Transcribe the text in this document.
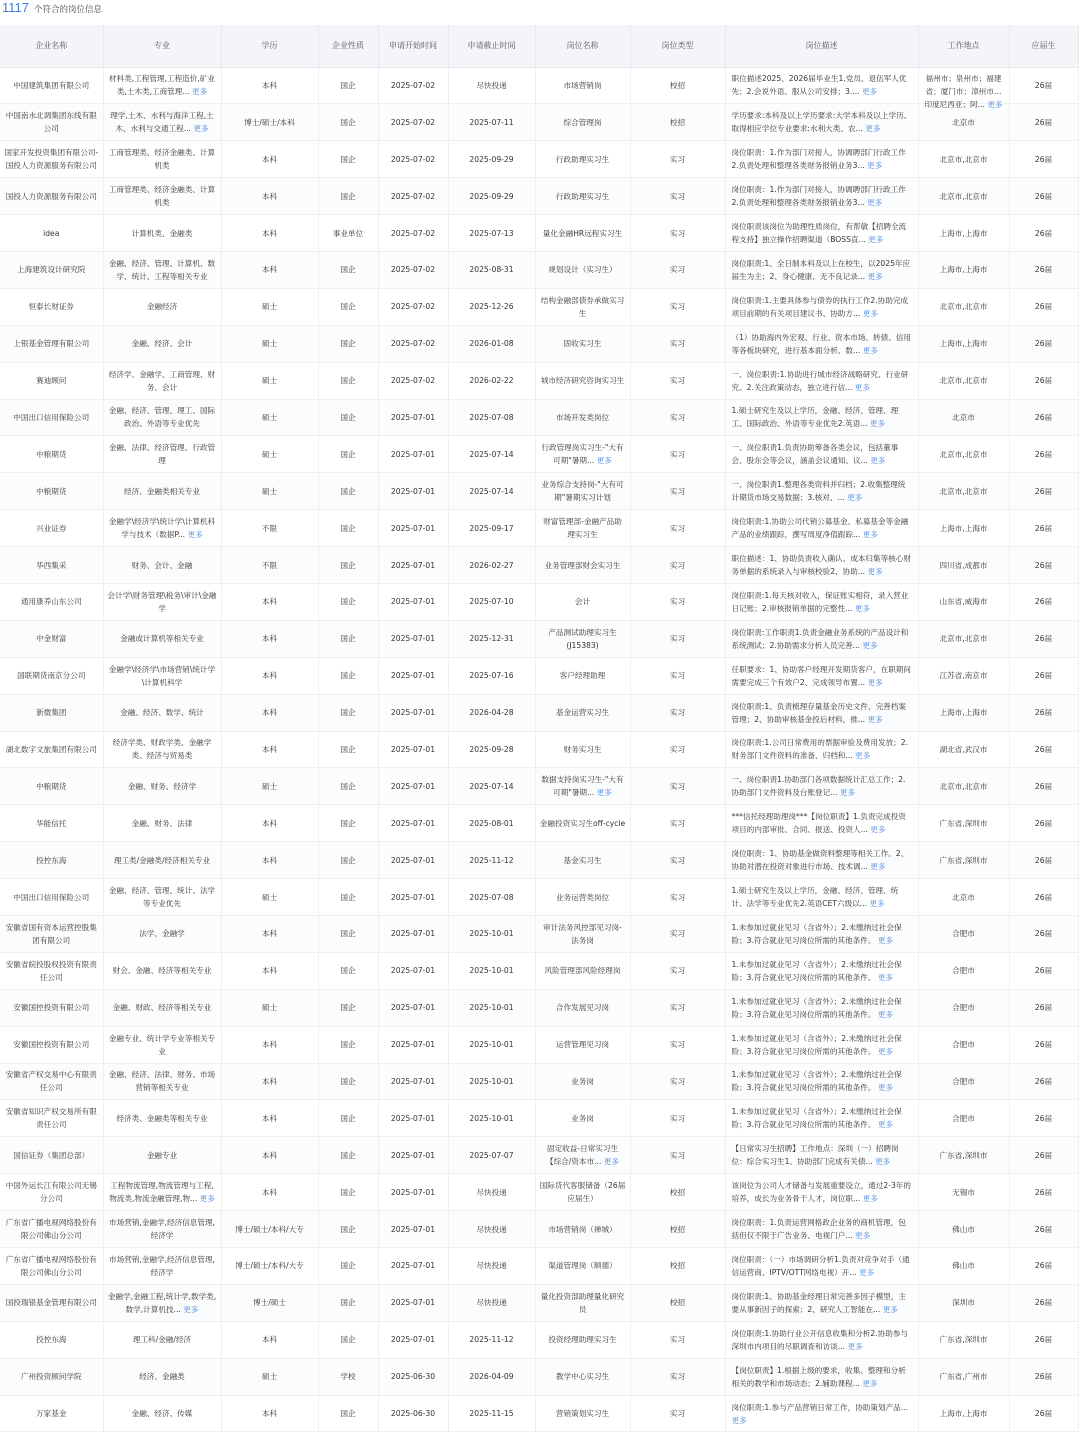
1117 个符合的岗位信息
企业名称	专业	学历	企业性质	申请开始时间	申请截止时间	岗位名称	岗位类型	岗位描述	工作地点	应届生

中国建筑集团有限公司	材料类,工程管理,工程造价,矿业类,土木类,工商管理... 更多	本科	国企	2025-07-02	尽快投递	市场营销岗	校招	职位描述2025、2026届毕业生1.党员、退伍军人优先；2.会说外语、服从公司安排；3.... 更多	福州市；泉州市；福建省；厦门市；漳州市；印度尼西亚；阿... 更多	26届

中国南水北调集团东线有限公司	理学,土木、水利与海洋工程,土木、水利与交通工程... 更多	博士/硕士/本科	国企	2025-07-02	2025-07-11	综合管理岗	校招	学历要求:本科及以上学历要求:大学本科及以上学历、取得相应学位专业要求:水利大类、农... 更多	北京市	26届

国家开发投资集团有限公司-国投人力资源服务有限公司	工商管理类、经济金融类、计算机类	本科	国企	2025-07-02	2025-09-29	行政助理实习生	实习	岗位职责：1.作为部门对接人，协调聘部门行政工作2.负责处理和整理各类财务报销业务3... 更多	北京市,北京市	26届

国投人力资源服务有限公司	工商管理类、经济金融类、计算机类	本科	国企	2025-07-02	2025-09-29	行政助理实习生	实习	岗位职责：1.作为部门对接人，协调聘部门行政工作2.负责处理和整理各类财务报销业务3... 更多	北京市,北京市	26届

idea	计算机类、金融类	本科	事业单位	2025-07-02	2025-07-13	量化金融HR远程实习生	实习	岗位职责该岗位为助理性质岗位，有帮敏【招聘全流程支持】独立操作招聘渠道（BOSS直... 更多	上海市,上海市	26届

上海建筑设计研究院	金融、经济、管理、计算机、数学、统计、工程等相关专业	本科	国企	2025-07-02	2025-08-31	规划设计（实习生）	实习	岗位职责:1、全日制本科及以上在校生，以2025年应届生为主；2、身心健康、无不良记录... 更多	上海市,上海市	26届

恒泰长财证券	金融经济	硕士	国企	2025-07-02	2025-12-26	结构金融部债券承做实习生	实习	岗位职责:1.主要具体参与债券的执行工作2.协助完成项目前期的有关项目建议书、协助方... 更多	北京市,北京市	26届

上银基金管理有限公司	金融、经济、会计	硕士	国企	2025-07-02	2026-01-08	固收实习生	实习	（1）协助海内外宏观、行业、资本市场、转债、信用等各板块研究，进行基本面分析、数... 更多	上海市,上海市	26届

赛迪顾问	经济学、金融学、工商管理、财务、会计	硕士	国企	2025-07-02	2026-02-22	城市经济研究咨询实习生	实习	一、岗位职责:1.协助进行城市经济战略研究、行业研究。2.关注政策动态，独立进行信... 更多	北京市,北京市	26届

中国出口信用保险公司	金融、经济、管理、理工、国际政治、外语等专业优先	硕士	国企	2025-07-01	2025-07-08	市场开发类岗位	实习	1.硕士研究生及以上学历，金融、经济、管理、理工、国际政治、外语等专业优先2.英语... 更多	北京市	26届

中粮期货	金融、法律、经济管理、行政管理	硕士	国企	2025-07-01	2025-07-14	行政管理岗实习生-"大有可期"暑期... 更多	实习	一、岗位职责1.负责协助筹备各类会议，包括董事会、股东会等会议，涵盖会议通知、议... 更多	北京市,北京市	26届

中粮期货	经济、金融类相关专业	硕士	国企	2025-07-01	2025-07-14	业务综合支持岗-"大有可期"暑期实习计划	实习	一、岗位职责1.整理各类资料并归档；2.收集整理统计期货市场交易数据；3.核对、... 更多	北京市,北京市	26届

兴业证券	金融学\经济学\统计学\计算机科学与技术（数据P... 更多	不限	国企	2025-07-01	2025-09-17	财富管理部-金融产品助理实习生	实习	岗位职责:1.协助公司代销公募基金、私募基金等金融产品的业绩跟踪，撰写周度净值跟踪... 更多	上海市,上海市	26届

华西集采	财务、会计、金融	不限	国企	2025-07-01	2026-02-27	业务管理部财会实习生	实习	职位描述：1、协助负责收入确认、成本归集等核心财务单据的系统录入与审核校验2、协助... 更多	四川省,成都市	26届

通用康养山东公司	会计学\财务管理\税务\审计\金融学	本科	国企	2025-07-01	2025-07-10	会计	实习	岗位职责:1.每天核对收入，保证账实相符，录入营业日记账；2.审核报销单据的完整性... 更多	山东省,威海市	26届

中金财富	金融或计算机等相关专业	本科	国企	2025-07-01	2025-12-31	产品测试助理实习生(J15383)	实习	岗位职责:工作职责1.负责金融业务系统的产品设计和系统测试；2.协助需求分析人员完善... 更多	北京市,北京市	26届

国联期货南京分公司	金融学\经济学\市场营销\统计学\计算机科学	本科	国企	2025-07-01	2025-07-16	客户经理助理	实习	任职要求：1、协助客户经理开发期货客户，在职期间需要完成三个有效户2、完成领导布置... 更多	江苏省,南京市	26届

新微集团	金融、经济、数学、统计	本科	国企	2025-07-01	2026-04-28	基金运营实习生	实习	岗位职责:1、负责梳理存量基金历史文件，完善档案管理；2、协助审核基金投后材料，推... 更多	上海市,上海市	26届

湖北数字文旅集团有限公司	经济学类、财政学类、金融学类、经济与贸易类	本科	国企	2025-07-01	2025-09-28	财务实习生	实习	岗位职责:1.公司日常费用的票据审验及费用发放；2.财务部门文件资料的准备、归档和... 更多	湖北省,武汉市	26届

中粮期货	金融、财务、经济学	硕士	国企	2025-07-01	2025-07-14	数据支持岗实习生-"大有可期"暑期... 更多	实习	一、岗位职责1.协助部门各项数据统计汇总工作；2.协助部门文件资料及台账登记... 更多	北京市,北京市	26届

华能信托	金融、财务、法律	本科	国企	2025-07-01	2025-08-01	金融投资实习生off-cycle	实习	***信托经理助理岗***【岗位职责】1.负责完成投资项目的内部审批、合同、报送、投资人... 更多	广东省,深圳市	26届

投控东海	理工类/金融类/经济相关专业	本科	国企	2025-07-01	2025-11-12	基金实习生	实习	岗位职责：1、协助基金做资料整理等相关工作。2、协助对潜在投资对象进行市场、技术调... 更多	广东省,深圳市	26届

中国出口信用保险公司	金融、经济、管理、统计、法学等专业优先	硕士	国企	2025-07-01	2025-07-08	业务运营类岗位	实习	1.硕士研究生及以上学历，金融、经济、管理、统计、法学等专业优先2.英语CET六级以... 更多	北京市	26届

安徽省国有资本运营控股集团有限公司	法学、金融学	本科	国企	2025-07-01	2025-10-01	审计法务风控部见习岗-法务岗	实习	1.未参加过就业见习（含省外）；2.未缴纳过社会保险；3.符合就业见习岗位所需的其他条件。 更多	合肥市	26届

安徽省皖投股权投资有限责任公司	财会、金融、经济等相关专业	本科	国企	2025-07-01	2025-10-01	风险管理部风险经理岗	实习	1.未参加过就业见习（含省外）；2.未缴纳过社会保险；3.符合就业见习岗位所需的其他条件。 更多	合肥市	26届

安徽国控投资有限公司	金融、财政、经济等相关专业	硕士	国企	2025-07-01	2025-10-01	合作发展见习岗	实习	1.未参加过就业见习（含省外）；2.未缴纳过社会保险；3.符合就业见习岗位所需的其他条件。 更多	合肥市	26届

安徽国控投资有限公司	金融专业、统计学专业等相关专业	本科	国企	2025-07-01	2025-10-01	运营管理见习岗	实习	1.未参加过就业见习（含省外）；2.未缴纳过社会保险；3.符合就业见习岗位所需的其他条件。 更多	合肥市	26届

安徽省产权交易中心有限责任公司	金融、经济、法律、财务、市场营销等相关专业	本科	国企	2025-07-01	2025-10-01	业务岗	实习	1.未参加过就业见习（含省外）；2.未缴纳过社会保险；3.符合就业见习岗位所需的其他条件。 更多	合肥市	26届

安徽省知识产权交易所有限责任公司	经济类、金融类等相关专业	本科	国企	2025-07-01	2025-10-01	业务岗	实习	1.未参加过就业见习（含省外）；2.未缴纳过社会保险；3.符合就业见习岗位所需的其他条件。 更多	合肥市	26届

国信证券（集团总部）	金融专业	本科	国企	2025-07-01	2025-07-07	固定收益-日常实习生【综合/资本市... 更多	实习	【日常实习生招聘】工作地点：深圳（一）招聘岗位：综合实习生1、协助部门完成有关债... 更多	广东省,深圳市	26届

中国外运长江有限公司无锡分公司	工程物流管理,物流管理与工程,物流类,物流金融管理,物... 更多	本科	国企	2025-07-01	尽快投递	国际货代客服储备（26届应届生）	校招	该岗位为公司人才储备与发展重要设立，通过2-3年的培养，成长为业务骨干人才，岗位职... 更多	无锡市	26届

广东省广播电视网络股份有限公司佛山分公司	市场营销,金融学,经济信息管理,经济学	博士/硕士/本科/大专	国企	2025-07-01	尽快投递	市场营销岗（禅城）	校招	岗位职责：1.负责运营网格政企业务的商机管理，包括但仅不限于广告业务、电视门户... 更多	佛山市	26届

广东省广播电视网络股份有限公司佛山分公司	市场营销,金融学,经济信息管理,经济学	博士/硕士/本科/大专	国企	2025-07-01	尽快投递	渠道管理岗（顺德）	校招	岗位职责：（一）市场调研分析1.负责对竞争对手（通信运营商、IPTV/OTT网络电视）开... 更多	佛山市	26届

国投瑞银基金管理有限公司	金融学,金融工程,统计学,数学类,数学,计算机技... 更多	博士/硕士	国企	2025-07-01	尽快投递	量化投资部助理量化研究员	校招	岗位职责:1、协助基金经理日常完善多因子模型，主要从事新因子的探索；2、研究人工智能在... 更多	深圳市	26届

投控东海	理工科/金融/经济	本科	国企	2025-07-01	2025-11-12	投资经理助理实习生	实习	岗位职责:1.协助行业公开信息收集和分析2.协助参与深圳市内项目的尽职调查和访谈... 更多	广东省,深圳市	26届

广州投资顾问学院	经济、金融类	硕士	学校	2025-06-30	2026-04-09	教学中心实习生	实习	【岗位职责】1.根据上级的要求，收集、整理和分析相关的教学和市场动态；2.辅助课程... 更多	广东省,广州市	26届

万家基金	金融、经济、传媒	本科	国企	2025-06-30	2025-11-15	营销策划实习生	实习	岗位职责:1.参与产品营销日常工作，协助策划产品... 更多	上海市,上海市	26届
